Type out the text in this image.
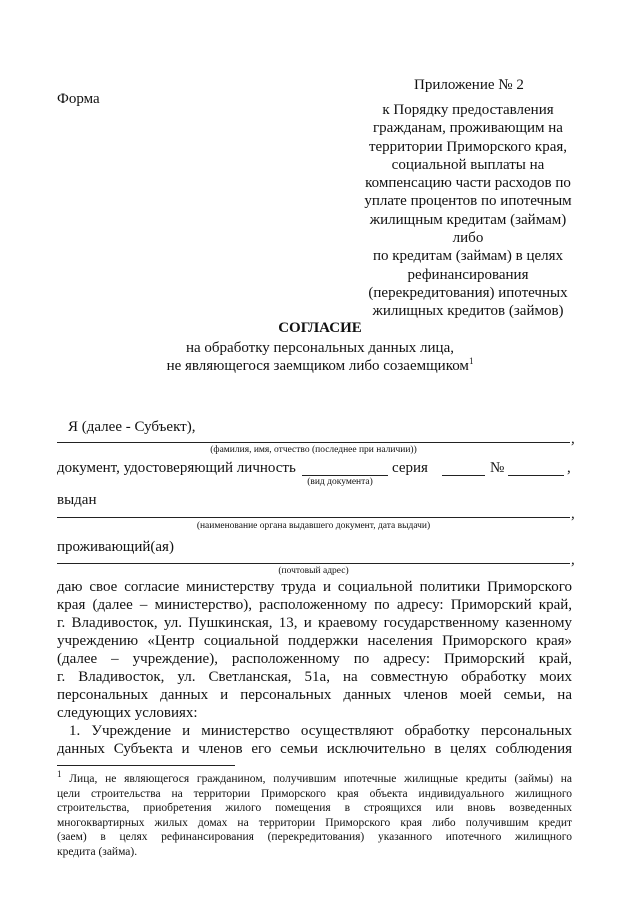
Приложение № 2
Форма
к Порядку предоставления
гражданам, проживающим на
территории Приморского края,
социальной выплаты на
компенсацию части расходов по
уплате процентов по ипотечным
жилищным кредитам (займам) либо
по кредитам (займам) в целях
рефинансирования
(перекредитования) ипотечных
жилищных кредитов (займов)
СОГЛАСИЕ
на обработку персональных данных лица,
не являющегося заемщиком либо созаемщиком$^1$
Я (далее - Субъект),
,
(фамилия, имя, отчество (последнее при наличии))
документ, удостоверяющий личность	серия	№	,
(вид документа)
выдан
,
(наименование органа выдавшего документ, дата выдачи)
проживающий(ая)
,
(почтовый адрес)
даю свое согласие министерству труда и социальной политики Приморского
края (далее – министерство), расположенному по адресу: Приморский край,
г. Владивосток, ул. Пушкинская, 13, и краевому государственному казенному
учреждению «Центр социальной поддержки населения Приморского края»
(далее – учреждение), расположенному по адресу: Приморский край,
г. Владивосток, ул. Светланская, 51а, на совместную обработку моих
персональных данных и персональных данных членов моей семьи, на
следующих условиях:
1. Учреждение и министерство осуществляют обработку персональных
данных Субъекта и членов его семьи исключительно в целях соблюдения
$^1$ Лица, не являющегося гражданином, получившим ипотечные жилищные кредиты (займы) на
цели строительства на территории Приморского края объекта индивидуального жилищного
строительства, приобретения жилого помещения в строящихся или вновь возведенных
многоквартирных жилых домах на территории Приморского края либо получившим кредит
(заем) в целях рефинансирования (перекредитования) указанного ипотечного жилищного
кредита (займа).
